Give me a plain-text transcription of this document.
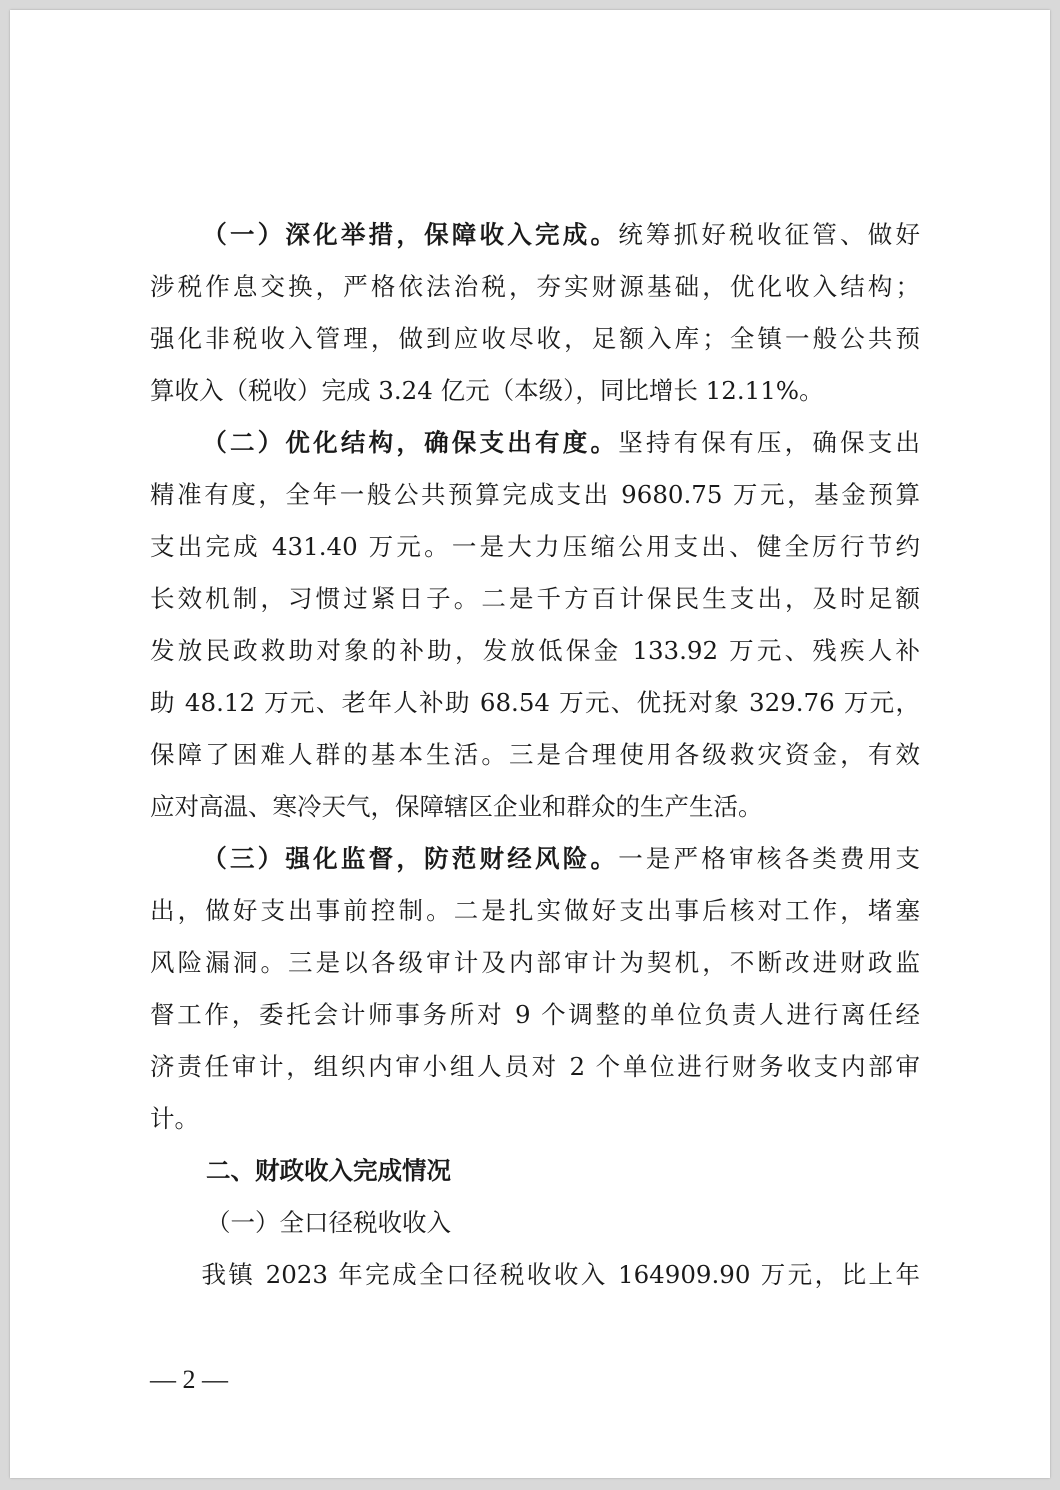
（一）深化举措，保障收入完成。统筹抓好税收征管、做好
涉税作息交换，严格依法治税，夯实财源基础，优化收入结构；
强化非税收入管理，做到应收尽收，足额入库；全镇一般公共预
算收入（税收）完成 3.24 亿元（本级），同比增长 12.11%。
（二）优化结构，确保支出有度。坚持有保有压，确保支出
精准有度，全年一般公共预算完成支出 9680.75 万元，基金预算
支出完成 431.40 万元。一是大力压缩公用支出、健全厉行节约
长效机制，习惯过紧日子。二是千方百计保民生支出，及时足额
发放民政救助对象的补助，发放低保金 133.92 万元、残疾人补
助 48.12 万元、老年人补助 68.54 万元、优抚对象 329.76 万元，
保障了困难人群的基本生活。三是合理使用各级救灾资金，有效
应对高温、寒冷天气，保障辖区企业和群众的生产生活。
（三）强化监督，防范财经风险。一是严格审核各类费用支
出，做好支出事前控制。二是扎实做好支出事后核对工作，堵塞
风险漏洞。三是以各级审计及内部审计为契机，不断改进财政监
督工作，委托会计师事务所对 9 个调整的单位负责人进行离任经
济责任审计，组织内审小组人员对 2 个单位进行财务收支内部审
计。
二、财政收入完成情况
（一）全口径税收收入
我镇 2023 年完成全口径税收收入 164909.90 万元，比上年
— 2 —
